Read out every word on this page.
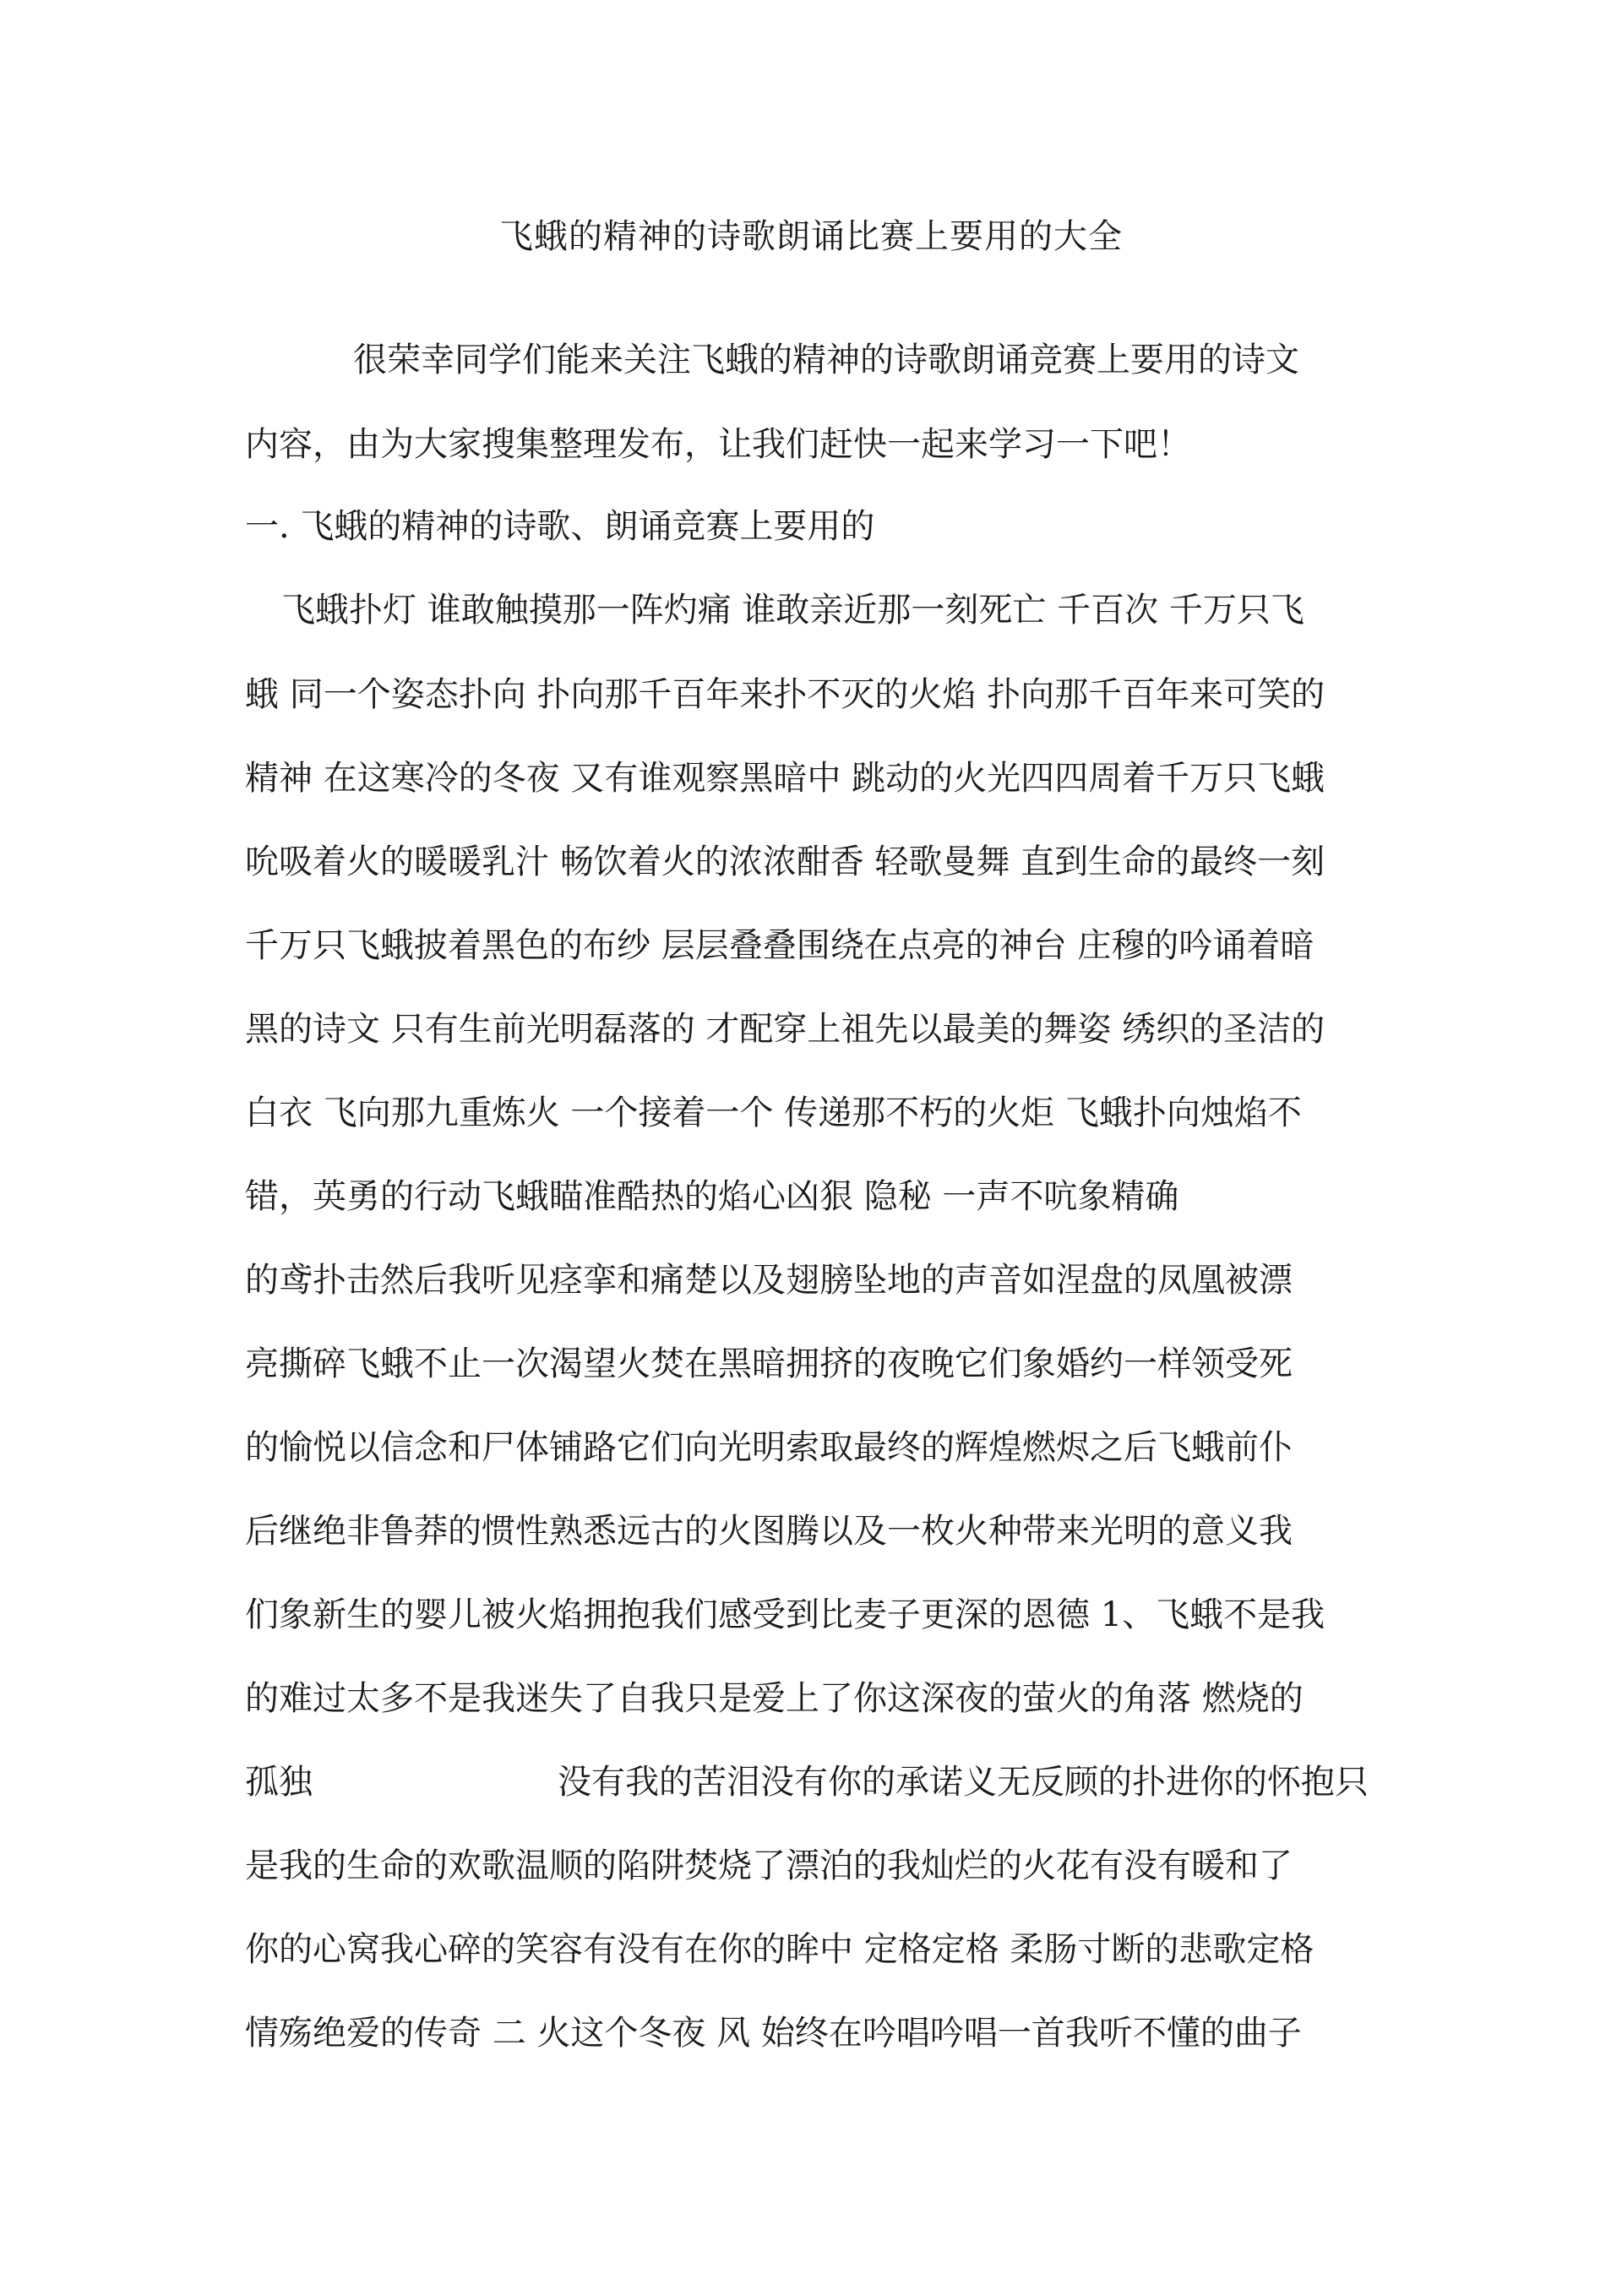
飞蛾的精神的诗歌朗诵比赛上要用的大全
很荣幸同学们能来关注飞蛾的精神的诗歌朗诵竞赛上要用的诗文
内容，由为大家搜集整理发布，让我们赶快一起来学习一下吧！
一. 飞蛾的精神的诗歌、朗诵竞赛上要用的
飞蛾扑灯 谁敢触摸那一阵灼痛 谁敢亲近那一刻死亡 千百次 千万只飞
蛾 同一个姿态扑向 扑向那千百年来扑不灭的火焰 扑向那千百年来可笑的
精神 在这寒冷的冬夜 又有谁观察黑暗中 跳动的火光四四周着千万只飞蛾
吮吸着火的暖暖乳汁 畅饮着火的浓浓酣香 轻歌曼舞 直到生命的最终一刻
千万只飞蛾披着黑色的布纱 层层叠叠围绕在点亮的神台 庄穆的吟诵着暗
黑的诗文 只有生前光明磊落的 才配穿上祖先以最美的舞姿 绣织的圣洁的
白衣 飞向那九重炼火 一个接着一个 传递那不朽的火炬 飞蛾扑向烛焰不
错，英勇的行动飞蛾瞄准酷热的焰心凶狠 隐秘 一声不吭象精确
的鸢扑击然后我听见痉挛和痛楚以及翅膀坠地的声音如涅盘的凤凰被漂
亮撕碎飞蛾不止一次渴望火焚在黑暗拥挤的夜晚它们象婚约一样领受死
的愉悦以信念和尸体铺路它们向光明索取最终的辉煌燃烬之后飞蛾前仆
后继绝非鲁莽的惯性熟悉远古的火图腾以及一枚火种带来光明的意义我
们象新生的婴儿被火焰拥抱我们感受到比麦子更深的恩德 1、飞蛾不是我
的难过太多不是我迷失了自我只是爱上了你这深夜的萤火的角落 燃烧的
孤独	没有我的苦泪没有你的承诺义无反顾的扑进你的怀抱只
是我的生命的欢歌温顺的陷阱焚烧了漂泊的我灿烂的火花有没有暖和了
你的心窝我心碎的笑容有没有在你的眸中 定格定格 柔肠寸断的悲歌定格
情殇绝爱的传奇 二 火这个冬夜 风 始终在吟唱吟唱一首我听不懂的曲子
